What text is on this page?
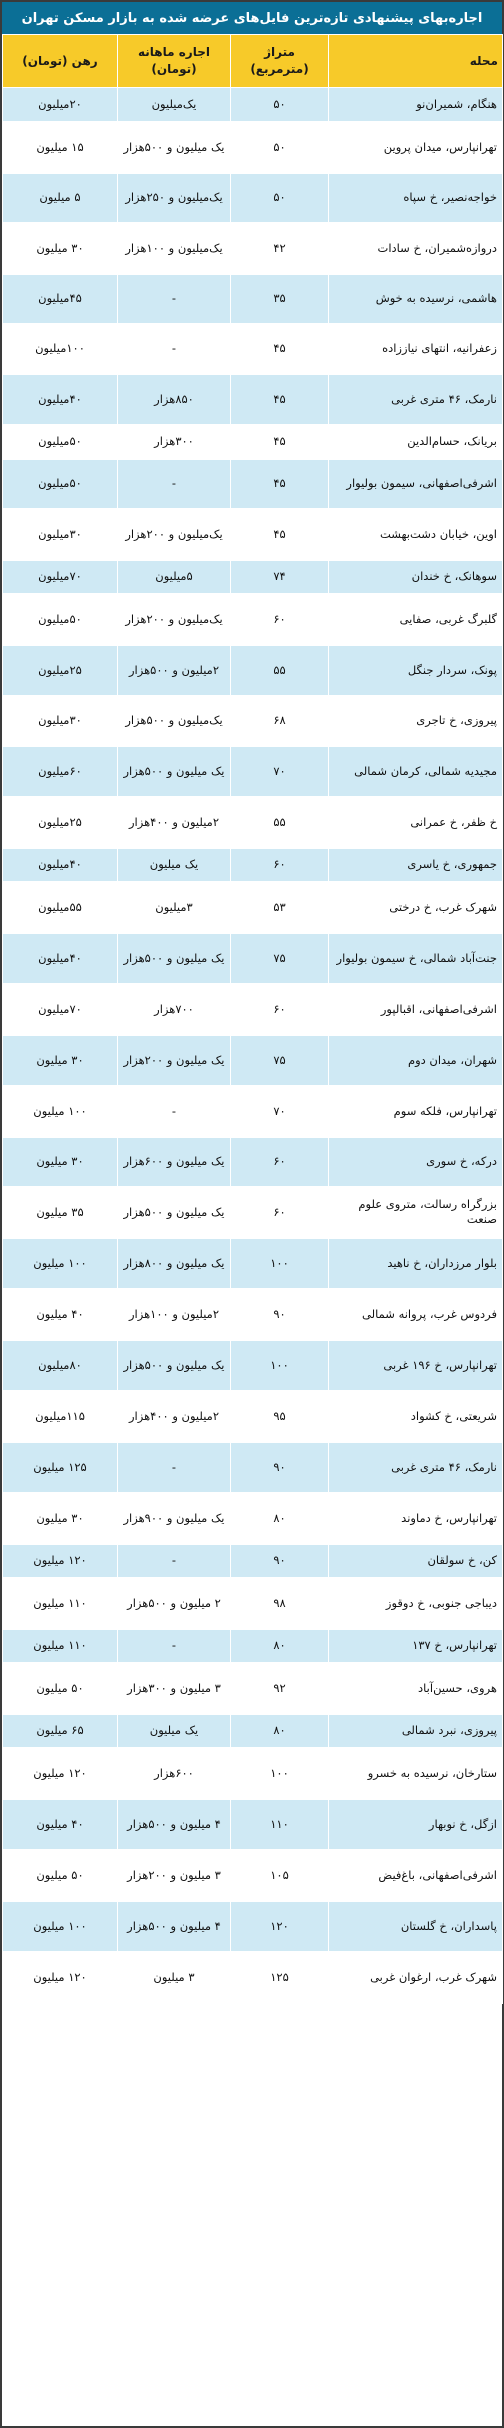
اجاره‌بهای پیشنهادی تازه‌ترین فایل‌های عرضه شده به بازار مسکن تهران
محله	متراژ (مترمربع)	اجاره ماهانه (تومان)	رهن (تومان)
هنگام، شمیران‌نو	۵۰	یک‌میلیون	۲۰میلیون
تهرانپارس، میدان پروین	۵۰	یک میلیون و ۵۰۰هزار	۱۵ میلیون
خواجه‌نصیر، خ سپاه	۵۰	یک‌میلیون و ۲۵۰هزار	۵ میلیون
دروازه‌شمیران، خ سادات	۴۲	یک‌میلیون و ۱۰۰هزار	۳۰ میلیون
هاشمی، نرسیده به خوش	۳۵	-	۴۵میلیون
زعفرانیه، انتهای نیاززاده	۴۵	-	۱۰۰میلیون
نارمک، ۴۶ متری غربی	۴۵	۸۵۰هزار	۴۰میلیون
بریانک، حسام‌الدین	۴۵	۳۰۰هزار	۵۰میلیون
اشرفی‌اصفهانی، سیمون بولیوار	۴۵	-	۵۰میلیون
اوین، خیابان دشت‌بهشت	۴۵	یک‌میلیون و ۲۰۰هزار	۳۰میلیون
سوهانک، خ خندان	۷۴	۵میلیون	۷۰میلیون
گلبرگ غربی، صفایی	۶۰	یک‌میلیون و ۲۰۰هزار	۵۰میلیون
پونک، سردار جنگل	۵۵	۲میلیون و ۵۰۰هزار	۲۵میلیون
پیروزی، خ تاجری	۶۸	یک‌میلیون و ۵۰۰هزار	۳۰میلیون
مجیدیه شمالی، کرمان شمالی	۷۰	یک میلیون و ۵۰۰هزار	۶۰میلیون
خ ظفر، خ عمرانی	۵۵	۲میلیون و ۴۰۰هزار	۲۵میلیون
جمهوری، خ یاسری	۶۰	یک میلیون	۴۰میلیون
شهرک غرب، خ درختی	۵۳	۳میلیون	۵۵میلیون
جنت‌آباد شمالی، خ سیمون بولیوار	۷۵	یک میلیون و ۵۰۰هزار	۴۰میلیون
اشرفی‌اصفهانی، اقبالپور	۶۰	۷۰۰هزار	۷۰میلیون
شهران، میدان دوم	۷۵	یک میلیون و ۲۰۰هزار	۳۰ میلیون
تهرانپارس، فلکه سوم	۷۰	-	۱۰۰ میلیون
درکه، خ سوری	۶۰	یک میلیون و ۶۰۰هزار	۳۰ میلیون
بزرگراه رسالت، متروی علوم صنعت	۶۰	یک میلیون و ۵۰۰هزار	۳۵ میلیون
بلوار مرزداران، خ ناهید	۱۰۰	یک میلیون و ۸۰۰هزار	۱۰۰ میلیون
فردوس غرب، پروانه شمالی	۹۰	۲میلیون و ۱۰۰هزار	۴۰ میلیون
تهرانپارس، خ ۱۹۶ غربی	۱۰۰	یک میلیون و ۵۰۰هزار	۸۰میلیون
شریعتی، خ کشواد	۹۵	۲میلیون و ۴۰۰هزار	۱۱۵میلیون
نارمک، ۴۶ متری غربی	۹۰	-	۱۲۵ میلیون
تهرانپارس، خ دماوند	۸۰	یک میلیون و ۹۰۰هزار	۳۰ میلیون
کن، خ سولقان	۹۰	-	۱۲۰ میلیون
دیباجی جنوبی، خ دوقوز	۹۸	۲ میلیون و ۵۰۰هزار	۱۱۰ میلیون
تهرانپارس، خ ۱۳۷	۸۰	-	۱۱۰ میلیون
هروی، حسین‌آباد	۹۲	۳ میلیون و ۳۰۰هزار	۵۰ میلیون
پیروزی، نبرد شمالی	۸۰	یک میلیون	۶۵ میلیون
ستارخان، نرسیده به خسرو	۱۰۰	۶۰۰هزار	۱۲۰ میلیون
ازگل، خ نوبهار	۱۱۰	۴ میلیون و ۵۰۰هزار	۴۰ میلیون
اشرفی‌اصفهانی، باغ‌فیض	۱۰۵	۳ میلیون و ۲۰۰هزار	۵۰ میلیون
پاسداران، خ گلستان	۱۲۰	۴ میلیون و ۵۰۰هزار	۱۰۰ میلیون
شهرک غرب، ارغوان غربی	۱۲۵	۳ میلیون	۱۲۰ میلیون
